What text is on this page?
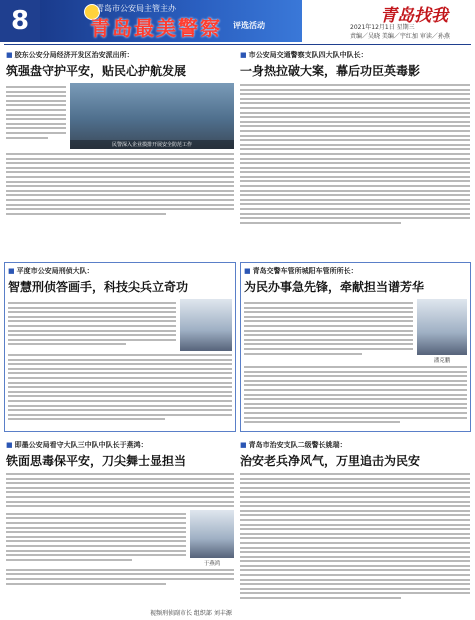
8	青岛市公安局主管主办
青岛最美警察 评选活动	青岛找我
2021年12月1日 星期三
责编／吴晓 美编／宇红加 审读／孙燕
■ 胶东公安分局经济开发区治安派出所：
筑强盘守护平安，贴民心护航发展
民警深入企业摸排开展安全防范工作
■ 市公安局交通警察支队四大队中队长：
一身热拉破大案，幕后功臣英毒影
■ 平度市公安局刑侦大队：
智慧刑侦答画手，科技尖兵立奇功
■ 青岛交警车管所城阳车管所所长：
为民办事急先锋，牵献担当谱芳华
潘克鹏
■ 即墨公安局看守大队三中队中队长于燕鸿：
铁面思毒保平安，刀尖舞士显担当
于燕鸿
■ 青岛市治安支队二级警长姚瑞：
治安老兵净风气，万里追击为民安
视频刑侦副市长 组织部 刘丰源
